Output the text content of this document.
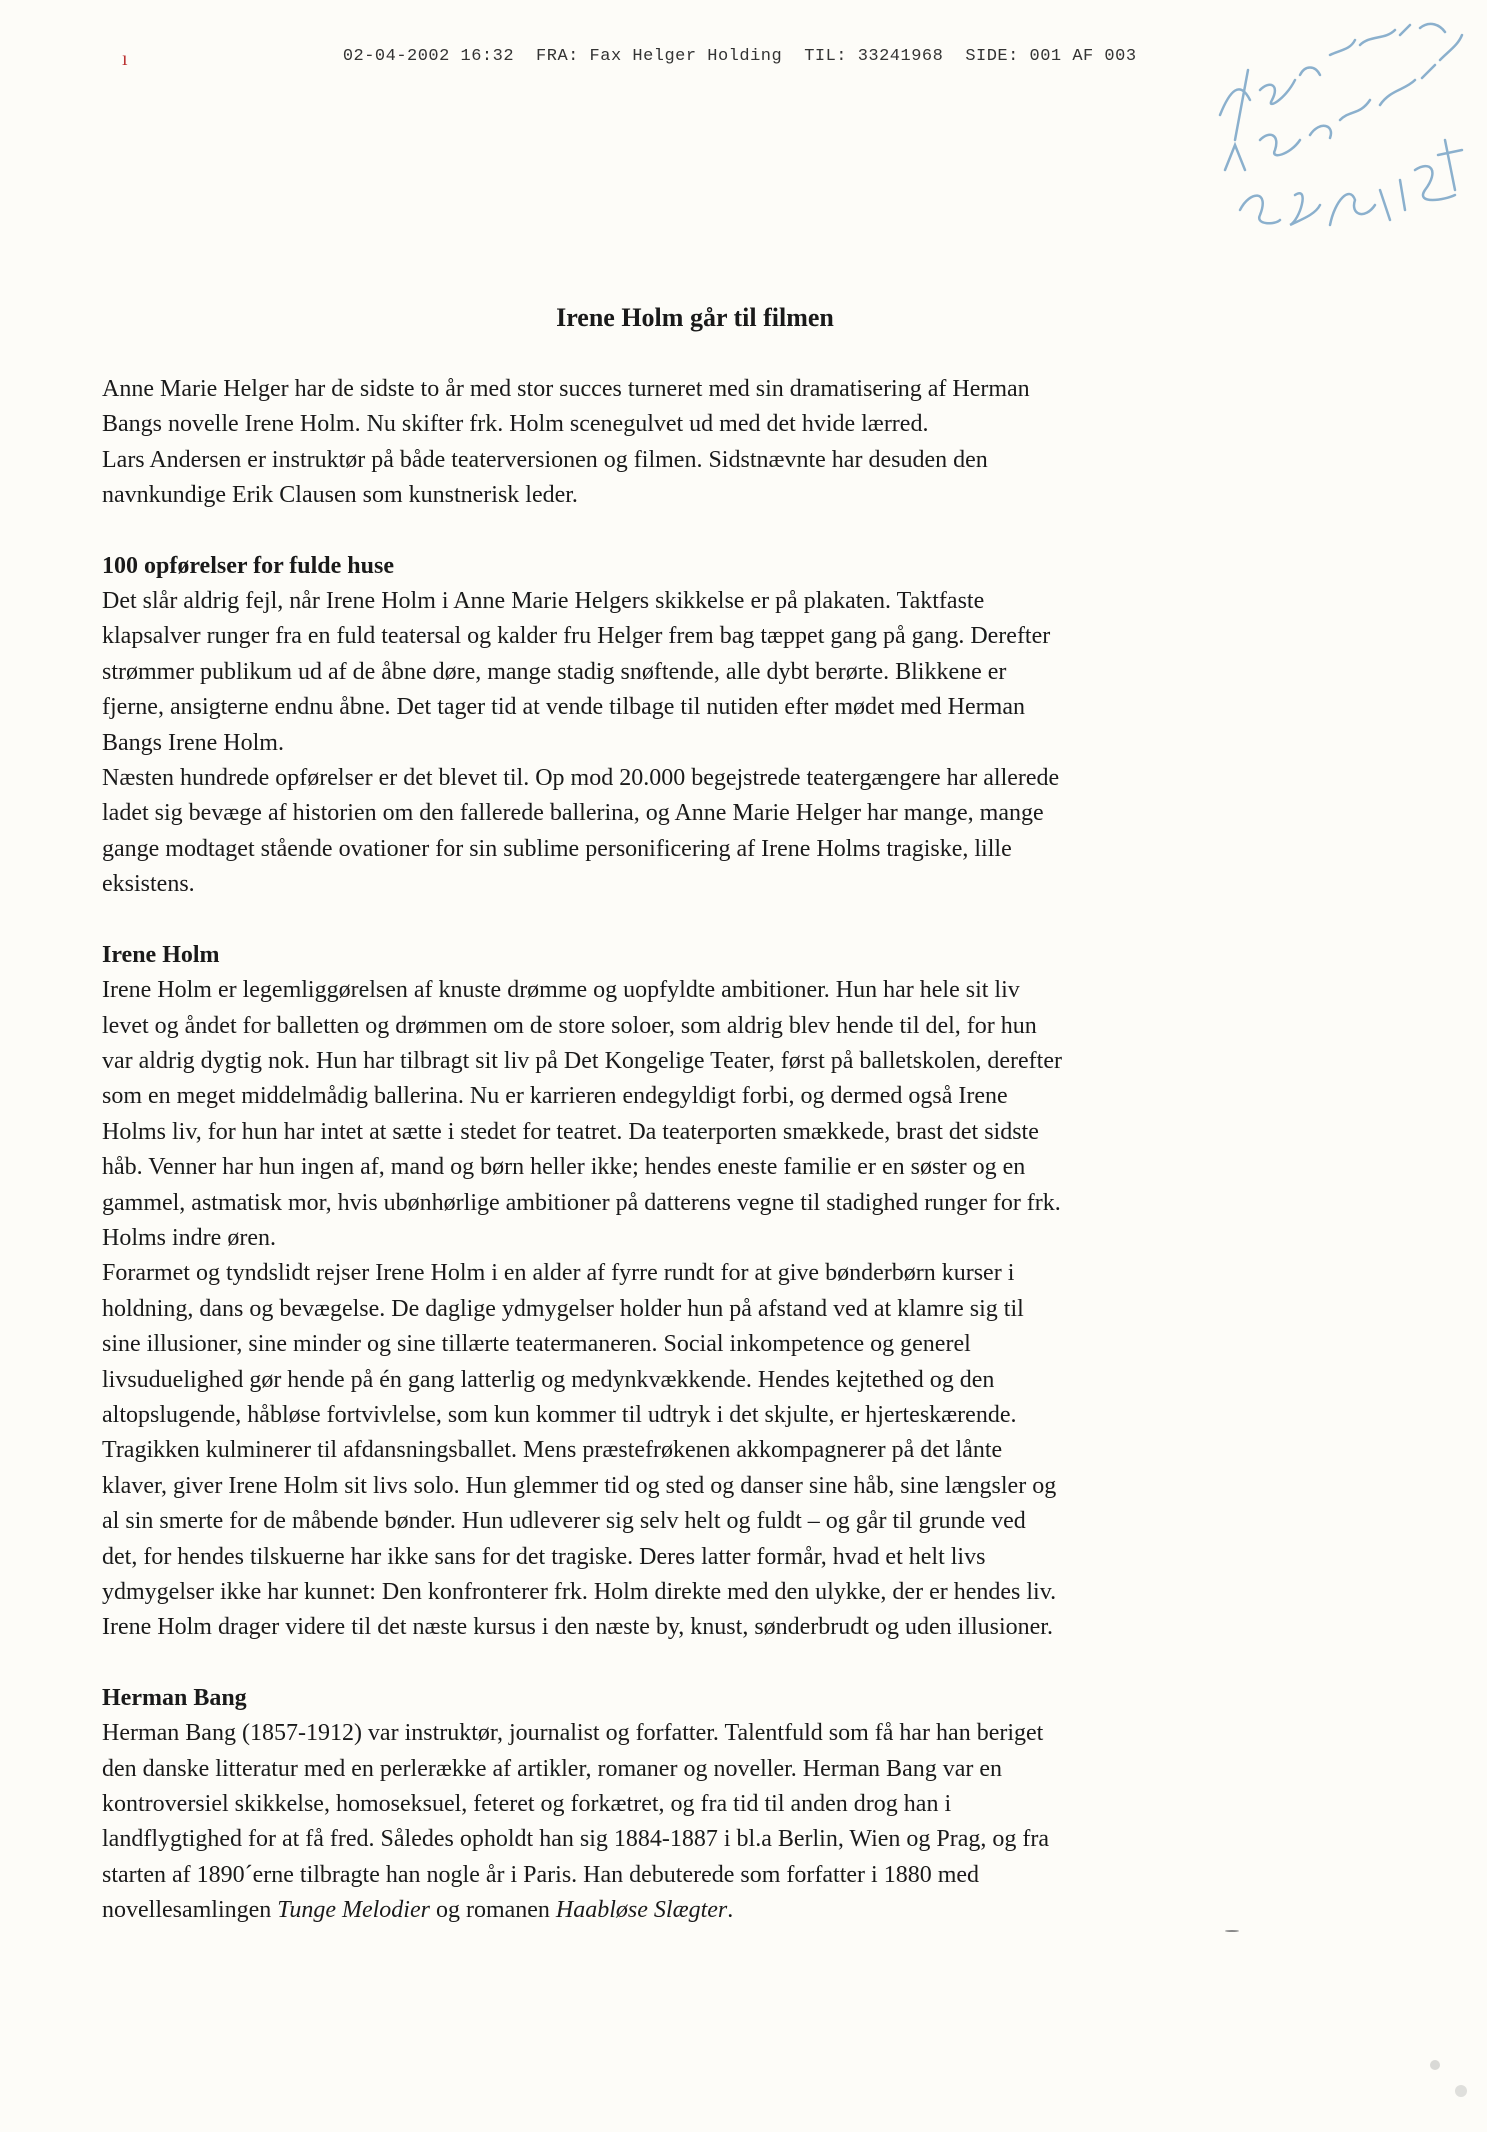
02-04-2002 16:32 FRA: Fax Helger Holding TIL: 33241968 SIDE: 001 AF 003

ı
Irene Holm går til filmen

Anne Marie Helger har de sidste to år med stor succes turneret med sin dramatisering af Herman

Bangs novelle Irene Holm. Nu skifter frk. Holm scenegulvet ud med det hvide lærred.

Lars Andersen er instruktør på både teaterversionen og filmen. Sidstnævnte har desuden den

navnkundige Erik Clausen som kunstnerisk leder.

100 opførelser for fulde huse

Det slår aldrig fejl, når Irene Holm i Anne Marie Helgers skikkelse er på plakaten. Taktfaste

klapsalver runger fra en fuld teatersal og kalder fru Helger frem bag tæppet gang på gang. Derefter

strømmer publikum ud af de åbne døre, mange stadig snøftende, alle dybt berørte. Blikkene er

fjerne, ansigterne endnu åbne. Det tager tid at vende tilbage til nutiden efter mødet med Herman

Bangs Irene Holm.

Næsten hundrede opførelser er det blevet til. Op mod 20.000 begejstrede teatergængere har allerede

ladet sig bevæge af historien om den fallerede ballerina, og Anne Marie Helger har mange, mange

gange modtaget stående ovationer for sin sublime personificering af Irene Holms tragiske, lille

eksistens.

Irene Holm

Irene Holm er legemliggørelsen af knuste drømme og uopfyldte ambitioner. Hun har hele sit liv

levet og åndet for balletten og drømmen om de store soloer, som aldrig blev hende til del, for hun

var aldrig dygtig nok. Hun har tilbragt sit liv på Det Kongelige Teater, først på balletskolen, derefter

som en meget middelmådig ballerina. Nu er karrieren endegyldigt forbi, og dermed også Irene

Holms liv, for hun har intet at sætte i stedet for teatret. Da teaterporten smækkede, brast det sidste

håb. Venner har hun ingen af, mand og børn heller ikke; hendes eneste familie er en søster og en

gammel, astmatisk mor, hvis ubønhørlige ambitioner på datterens vegne til stadighed runger for frk.

Holms indre øren.

Forarmet og tyndslidt rejser Irene Holm i en alder af fyrre rundt for at give bønderbørn kurser i

holdning, dans og bevægelse. De daglige ydmygelser holder hun på afstand ved at klamre sig til

sine illusioner, sine minder og sine tillærte teatermaneren. Social inkompetence og generel

livsuduelighed gør hende på én gang latterlig og medynkvækkende. Hendes kejtethed og den

altopslugende, håbløse fortvivlelse, som kun kommer til udtryk i det skjulte, er hjerteskærende.

Tragikken kulminerer til afdansningsballet. Mens præstefrøkenen akkompagnerer på det lånte

klaver, giver Irene Holm sit livs solo. Hun glemmer tid og sted og danser sine håb, sine længsler og

al sin smerte for de måbende bønder. Hun udleverer sig selv helt og fuldt – og går til grunde ved

det, for hendes tilskuerne har ikke sans for det tragiske. Deres latter formår, hvad et helt livs

ydmygelser ikke har kunnet: Den konfronterer frk. Holm direkte med den ulykke, der er hendes liv.

Irene Holm drager videre til det næste kursus i den næste by, knust, sønderbrudt og uden illusioner.

Herman Bang

Herman Bang (1857-1912) var instruktør, journalist og forfatter. Talentfuld som få har han beriget

den danske litteratur med en perlerække af artikler, romaner og noveller. Herman Bang var en

kontroversiel skikkelse, homoseksuel, feteret og forkætret, og fra tid til anden drog han i

landflygtighed for at få fred. Således opholdt han sig 1884-1887 i bl.a Berlin, Wien og Prag, og fra

starten af 1890´erne tilbragte han nogle år i Paris. Han debuterede som forfatter i 1880 med

novellesamlingen Tunge Melodier og romanen Haabløse Slægter.
